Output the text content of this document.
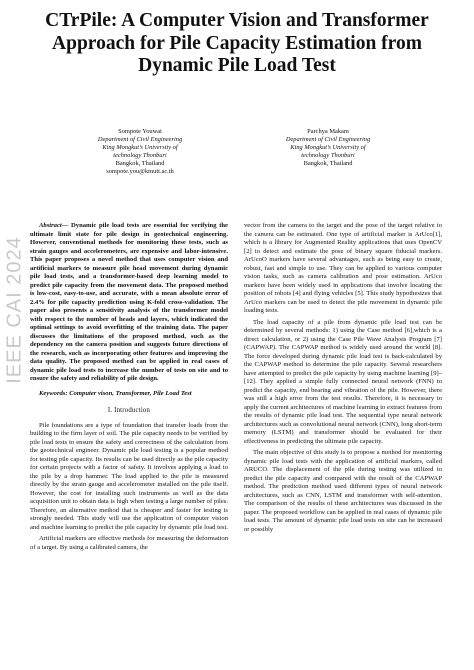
IEEE CAI 2024
CTrPile: A Computer Vision and Transformer Approach for Pile Capacity Estimation from Dynamic Pile Load Test
Sompote Youwai
Department of Civil Engineering
King Mongkut’s University of
technology Thonburi
Bangkok, Thailand
sompote.you@kmutt.ac.th
Parchya Makam
Department of Civil Engineering
King Mongkut’s University of
technology Thonburi
Bangkok, Thailand

Abstract— Dynamic pile load tests are essential for verifying the ultimate limit state for pile design in geotechnical engineering. However, conventional methods for monitoring these tests, such as strain gauges and accelerometers, are expensive and labor-intensive. This paper proposes a novel method that uses computer vision and artificial markers to measure pile head movement during dynamic pile load tests, and a transformer-based deep learning model to predict pile capacity from the movement data. The proposed method is low-cost, easy-to-use, and accurate, with a mean absolute error of 2.4% for pile capacity prediction using K-fold cross-validation. The paper also presents a sensitivity analysis of the transformer model with respect to the number of heads and layers, which indicated the optimal settings to avoid overfitting of the training data. The paper discusses the limitations of the proposed method, such as the dependency on the camera position and suggests future directions of the research, such as incorporating other features and improving the data quality. The proposed method can be applied in real cases of dynamic pile load tests to increase the number of tests on site and to ensure the safety and reliability of pile design.

Keywords: Computer vison, Transformer, Pile Load Test

I. Introduction

Pile foundations are a type of foundation that transfer loads from the building to the firm layer of soil. The pile capacity needs to be verified by pile load tests to ensure the safety and correctness of the calculation from the geotechnical engineer. Dynamic pile load testing is a popular method for testing pile capacity. Its results can be used directly as the pile capacity for certain projects with a factor of safety. It involves applying a load to the pile by a drop hammer. The load applied to the pile is measured directly by the strain gauge and accelerometer installed on the pile itself. However, the cost for installing such instruments as well as the data acquisition unit to obtain data is high when testing a large number of piles. Therefore, an alternative method that is cheaper and faster for testing is strongly needed. This study will use the application of computer vision and machine learning to predict the pile capacity by dynamic pile load test.

Artificial markers are effective methods for measuring the deformation of a target. By using a calibrated camera, the

vector from the camera to the target and the pose of the target relative to the camera can be estimated. One type of artificial marker is ArUco[1], which is a library for Augmented Reality applications that uses OpenCV [2] to detect and estimate the pose of binary square fiducial markers. ArUcoO markers have several advantages, such as being easy to create, robust, fast and simple to use. They can be applied to various computer vision tasks, such as camera calibration and pose estimation. ArUco markers have been widely used in applications that involve locating the position of robots [4] and flying vehicles [5]. This study hypothesizes that ArUco markers can be used to detect the pile movement in dynamic pile loading tests.

The load capacity of a pile from dynamic pile load test can be determined by several methods: 1) using the Case method [6],which is a direct calculation, or 2) using the Case Pile Wave Analysis Program [7] (CAPWAP). The CAPWAP method is widely used around the world [8]. The force developed during dynamic pile load test is back-calculated by the CAPWAP method to determine the pile capacity. Several researchers have attempted to predict the pile capacity by using machine learning [9]–[12]. They applied a simple fully connected neural network (FNN) to predict the capacity, end bearing and vibration of the pile. However, there was still a high error from the test results. Therefore, it is necessary to apply the current architectures of machine learning to extract features from the results of dynamic pile load test. The sequential type neural network architectures such as convolutional neural network (CNN), long short-term memory (LSTM) and transformer should be evaluated for their effectiveness in predicting the ultimate pile capacity.

The main objective of this study is to propose a method for monitoring dynamic pile load tests with the application of artificial markers, called ARUCO. The displacement of the pile during testing was utilized to predict the pile capacity and compared with the result of the CAPWAP method. The prediction method used different types of neural network architectures, such as CNN, LSTM and transformer with self-attention. The comparison of the results of these architectures was discussed in the paper. The proposed workflow can be applied in real cases of dynamic pile load tests. The amount of dynamic pile load tests on site can be increased or possibly
